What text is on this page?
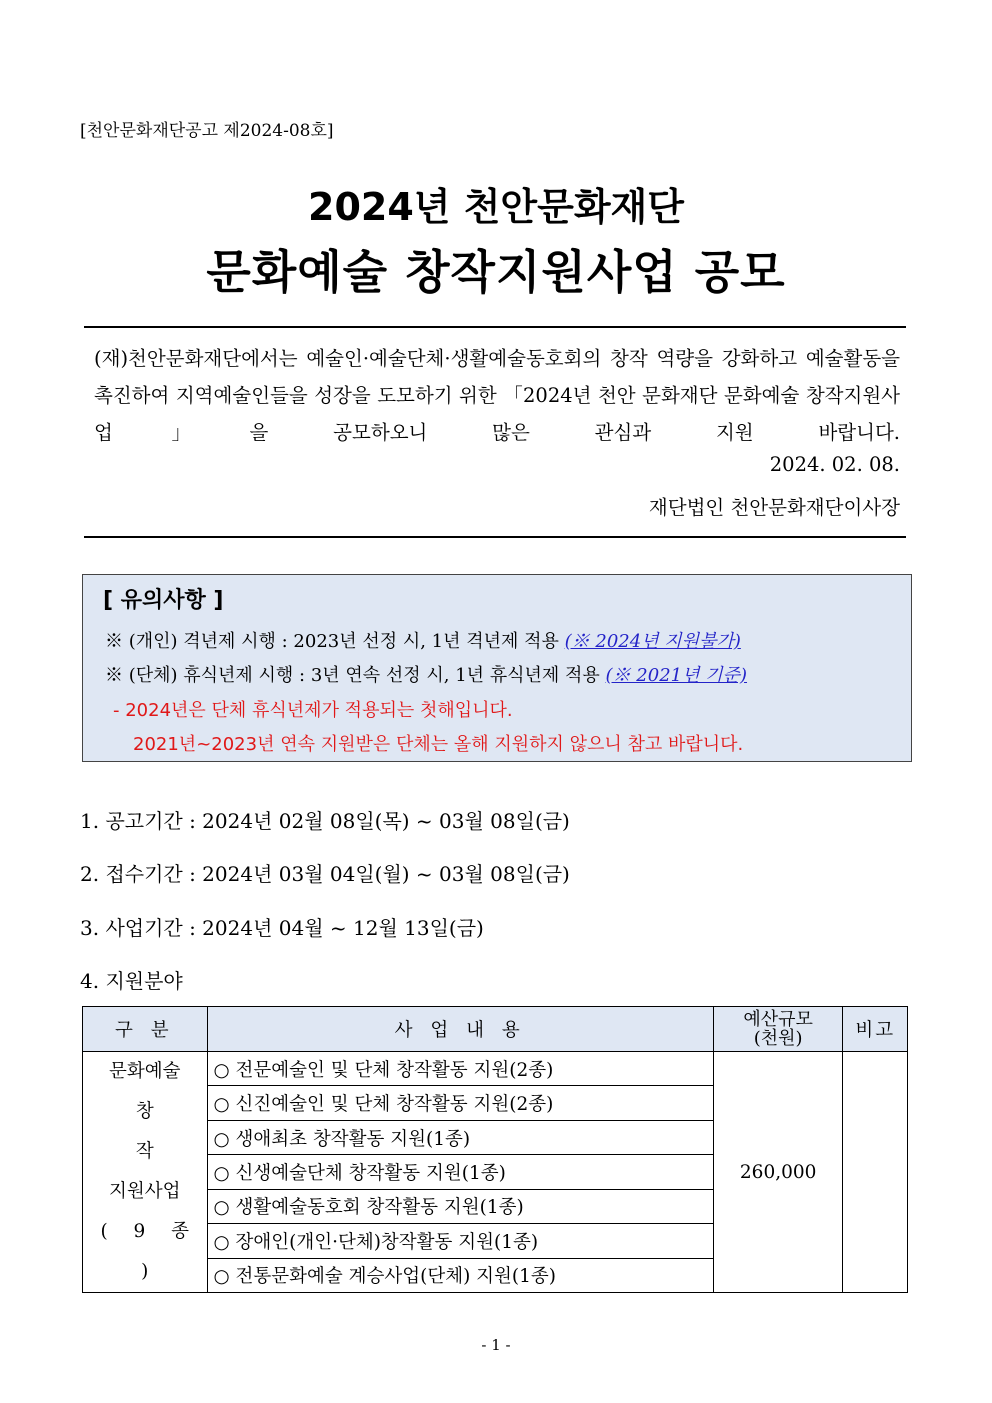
[천안문화재단공고 제2024-08호]
2024년 천안문화재단
문화예술 창작지원사업 공모
(재)천안문화재단에서는 예술인·예술단체·생활예술동호회의 창작 역량을 강화하고 예술활동을 촉진하여 지역예술인들을 성장을 도모하기 위한 「2024년 천안 문화재단 문화예술 창작지원사업」을 공모하오니 많은 관심과 지원 바랍니다.
2024. 02. 08.
재단법인 천안문화재단이사장
[ 유의사항 ]
※ (개인) 격년제 시행 : 2023년 선정 시, 1년 격년제 적용 (※ 2024년 지원불가)
※ (단체) 휴식년제 시행 : 3년 연속 선정 시, 1년 휴식년제 적용 (※ 2021년 기준)
- 2024년은 단체 휴식년제가 적용되는 첫해입니다.
2021년~2023년 연속 지원받은 단체는 올해 지원하지 않으니 참고 바랍니다.
1. 공고기간 : 2024년 02월 08일(목) ~ 03월 08일(금)
2. 접수기간 : 2024년 03월 04일(월) ~ 03월 08일(금)
3. 사업기간 : 2024년 04월 ~ 12월 13일(금)
4. 지원분야
구 분	사 업 내 용	예산규모
(천원)	비고

문화예술
창 작
지원사업
( 9 종 )	○ 전문예술인 및 단체 창작활동 지원(2종)	260,000	
	○ 신진예술인 및 단체 창작활동 지원(2종)		
	○ 생애최초 창작활동 지원(1종)		
	○ 신생예술단체 창작활동 지원(1종)		
	○ 생활예술동호회 창작활동 지원(1종)		
	○ 장애인(개인·단체)창작활동 지원(1종)		
	○ 전통문화예술 계승사업(단체) 지원(1종)		
- 1 -
